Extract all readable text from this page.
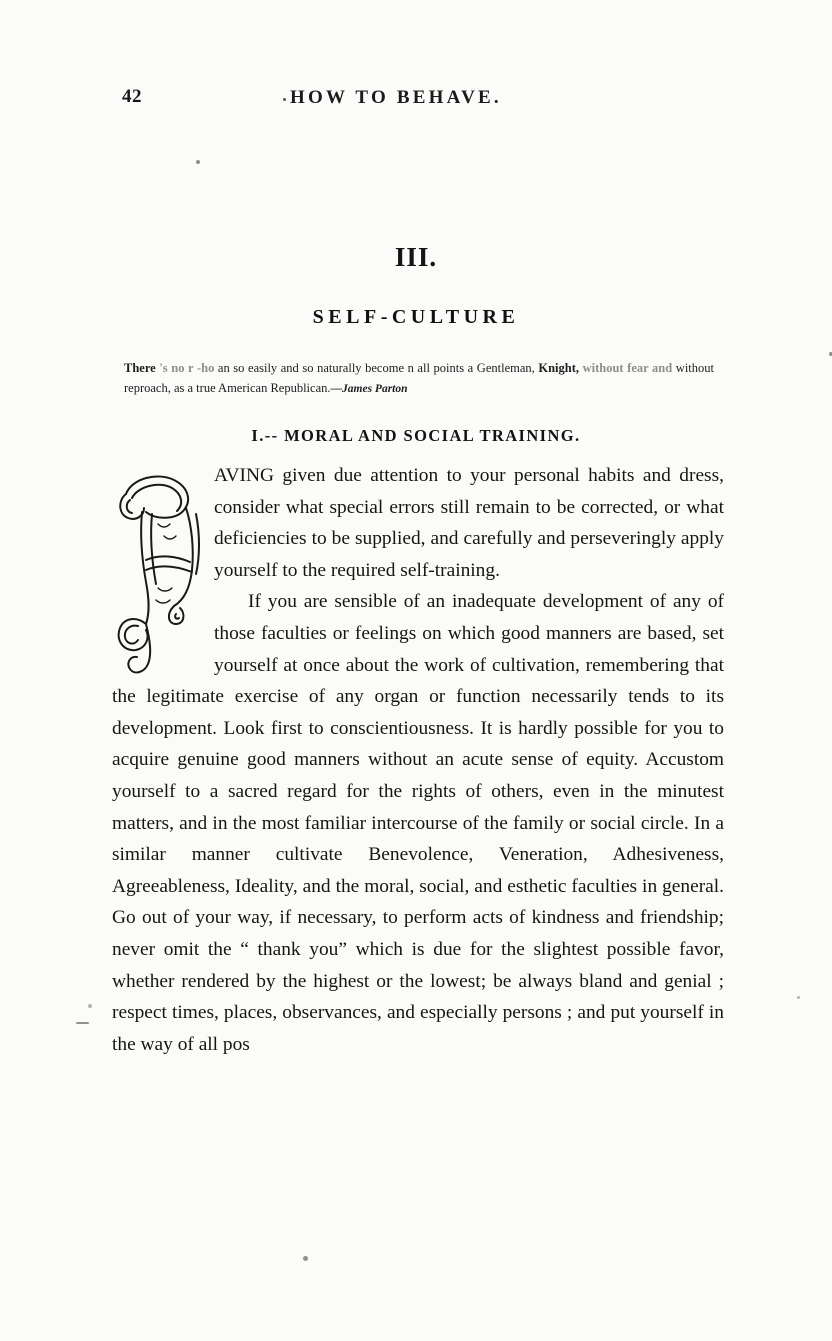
42	HOW TO BEHAVE.
III.
SELF-CULTURE
There 's no r -ho an so easily and so naturally become n all points a Gentleman, Knight, without fear and without reproach, as a true American Republican.—James Parton
I.-- MORAL AND SOCIAL TRAINING.

AVING given due attention to your personal habits and dress, consider what special errors still remain to be corrected, or what deficiencies to be supplied, and carefully and perseveringly apply yourself to the required self-training.

If you are sensible of an inadequate development of any of those faculties or feelings on which good manners are based, set yourself at once about the work of cultivation, remembering that the legitimate exercise of any organ or function necessarily tends to its development. Look first to conscientiousness. It is hardly possible for you to acquire genuine good manners without an acute sense of equity. Accustom yourself to a sacred regard for the rights of others, even in the minutest matters, and in the most familiar intercourse of the family or social circle. In a similar manner cultivate Benevolence, Veneration, Adhesiveness, Agreeableness, Ideality, and the moral, social, and esthetic faculties in general. Go out of your way, if necessary, to perform acts of kindness and friendship; never omit the “ thank you” which is due for the slightest possible favor, whether rendered by the highest or the lowest; be always bland and genial ; respect times, places, observances, and especially persons ; and put yourself in the way of all pos
